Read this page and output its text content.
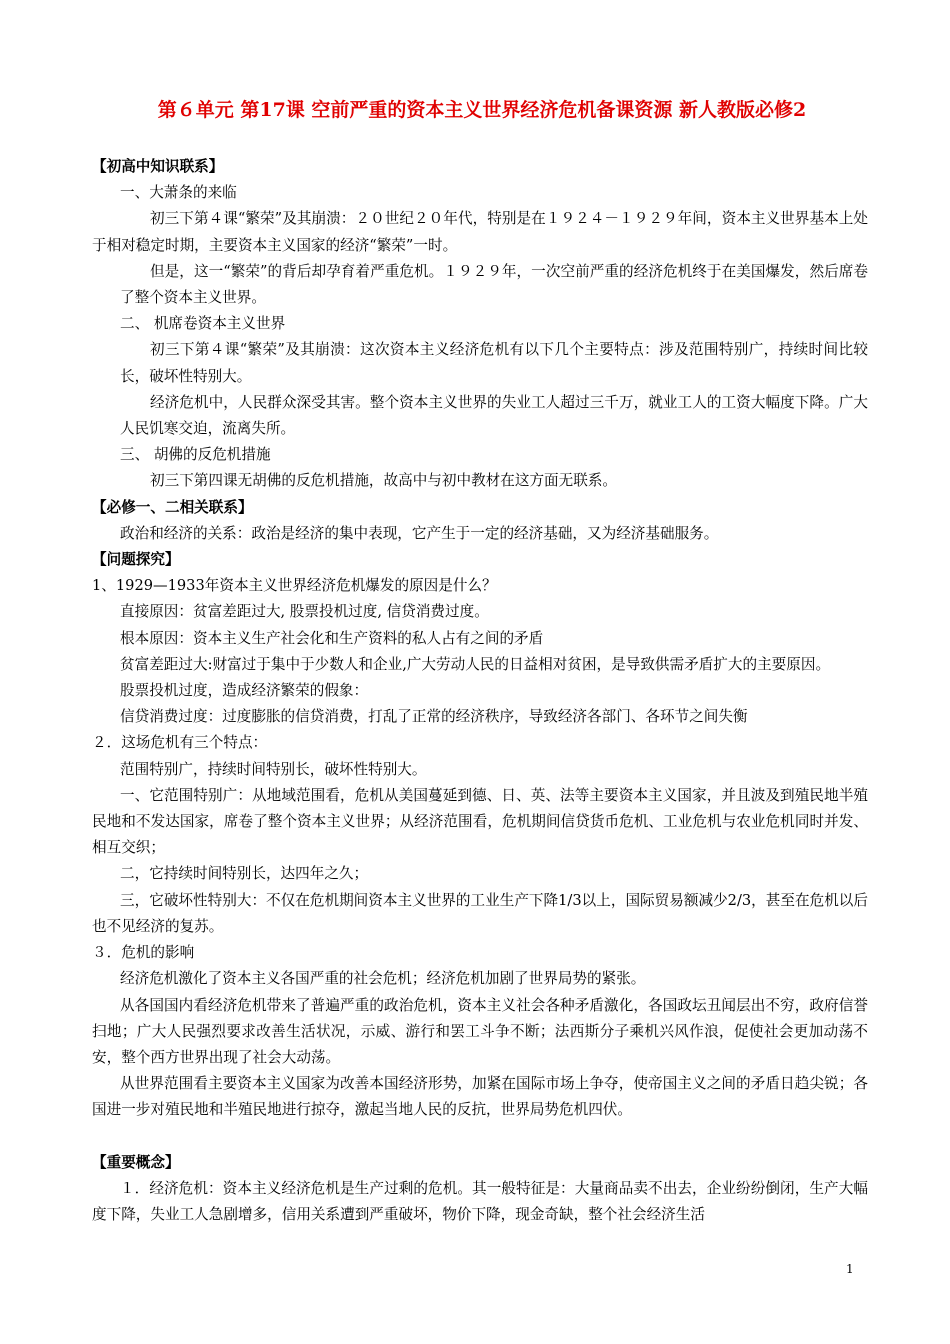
第６单元 第17课 空前严重的资本主义世界经济危机备课资源 新人教版必修2

【初高中知识联系】

一、大萧条的来临

初三下第４课“繁荣”及其崩溃：２０世纪２０年代，特别是在１９２４－１９２９年间，资本主义世界基本上处于相对稳定时期，主要资本主义国家的经济“繁荣”一时。

但是，这一“繁荣”的背后却孕育着严重危机。１９２９年，一次空前严重的经济危机终于在美国爆发，然后席卷了整个资本主义世界。

二、 机席卷资本主义世界

初三下第４课“繁荣”及其崩溃：这次资本主义经济危机有以下几个主要特点：涉及范围特别广，持续时间比较长，破坏性特别大。

经济危机中，人民群众深受其害。整个资本主义世界的失业工人超过三千万，就业工人的工资大幅度下降。广大人民饥寒交迫，流离失所。

三、 胡佛的反危机措施

初三下第四课无胡佛的反危机措施，故高中与初中教材在这方面无联系。

【必修一、二相关联系】

政治和经济的关系：政治是经济的集中表现，它产生于一定的经济基础，又为经济基础服务。

【问题探究】

1、1929—1933年资本主义世界经济危机爆发的原因是什么？

直接原因：贫富差距过大, 股票投机过度, 信贷消费过度。

根本原因：资本主义生产社会化和生产资料的私人占有之间的矛盾

贫富差距过大:财富过于集中于少数人和企业,广大劳动人民的日益相对贫困，是导致供需矛盾扩大的主要原因。

股票投机过度，造成经济繁荣的假象：

信贷消费过度：过度膨胀的信贷消费，打乱了正常的经济秩序，导致经济各部门、各环节之间失衡

２．这场危机有三个特点：

范围特别广，持续时间特别长，破坏性特别大。

一、它范围特别广：从地域范围看，危机从美国蔓延到德、日、英、法等主要资本主义国家，并且波及到殖民地半殖民地和不发达国家，席卷了整个资本主义世界；从经济范围看，危机期间信贷货币危机、工业危机与农业危机同时并发、相互交织；

二，它持续时间特别长，达四年之久；

三，它破坏性特别大：不仅在危机期间资本主义世界的工业生产下降1/3以上，国际贸易额减少2/3，甚至在危机以后也不见经济的复苏。

３．危机的影响

经济危机激化了资本主义各国严重的社会危机；经济危机加剧了世界局势的紧张。

从各国国内看经济危机带来了普遍严重的政治危机，资本主义社会各种矛盾激化，各国政坛丑闻层出不穷，政府信誉扫地；广大人民强烈要求改善生活状况，示威、游行和罢工斗争不断；法西斯分子乘机兴风作浪，促使社会更加动荡不安，整个西方世界出现了社会大动荡。

从世界范围看主要资本主义国家为改善本国经济形势，加紧在国际市场上争夺，使帝国主义之间的矛盾日趋尖锐；各国进一步对殖民地和半殖民地进行掠夺，激起当地人民的反抗，世界局势危机四伏。

【重要概念】

１．经济危机：资本主义经济危机是生产过剩的危机。其一般特征是：大量商品卖不出去，企业纷纷倒闭，生产大幅度下降，失业工人急剧增多，信用关系遭到严重破坏，物价下降，现金奇缺，整个社会经济生活

1
